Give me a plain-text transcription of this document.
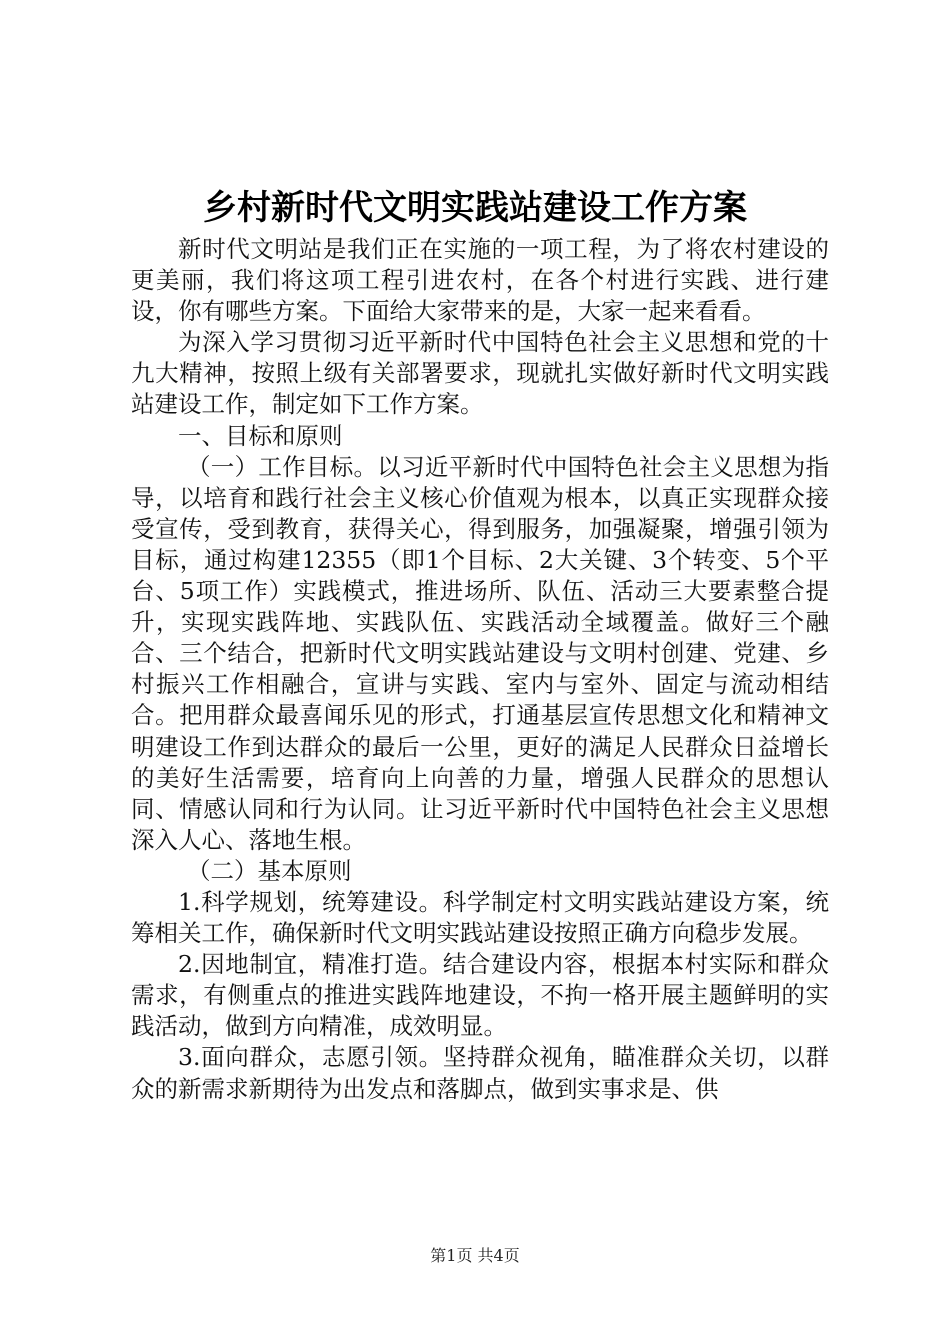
乡村新时代文明实践站建设工作方案

新时代文明站是我们正在实施的一项工程，为了将农村建设的更美丽，我们将这项工程引进农村，在各个村进行实践、进行建设，你有哪些方案。下面给大家带来的是，大家一起来看看。

为深入学习贯彻习近平新时代中国特色社会主义思想和党的十九大精神，按照上级有关部署要求，现就扎实做好新时代文明实践站建设工作，制定如下工作方案。

一、目标和原则

（一）工作目标。以习近平新时代中国特色社会主义思想为指导，以培育和践行社会主义核心价值观为根本，以真正实现群众接受宣传，受到教育，获得关心，得到服务，加强凝聚，增强引领为目标，通过构建12355（即1个目标、2大关键、3个转变、5个平台、5项工作）实践模式，推进场所、队伍、活动三大要素整合提升，实现实践阵地、实践队伍、实践活动全域覆盖。做好三个融合、三个结合，把新时代文明实践站建设与文明村创建、党建、乡村振兴工作相融合，宣讲与实践、室内与室外、固定与流动相结合。把用群众最喜闻乐见的形式，打通基层宣传思想文化和精神文明建设工作到达群众的最后一公里，更好的满足人民群众日益增长的美好生活需要，培育向上向善的力量，增强人民群众的思想认同、情感认同和行为认同。让习近平新时代中国特色社会主义思想深入人心、落地生根。

（二）基本原则

1.科学规划，统筹建设。科学制定村文明实践站建设方案，统筹相关工作，确保新时代文明实践站建设按照正确方向稳步发展。

2.因地制宜，精准打造。结合建设内容，根据本村实际和群众需求，有侧重点的推进实践阵地建设，不拘一格开展主题鲜明的实践活动，做到方向精准，成效明显。

3.面向群众，志愿引领。坚持群众视角，瞄准群众关切，以群众的新需求新期待为出发点和落脚点，做到实事求是、供

第1页 共4页
